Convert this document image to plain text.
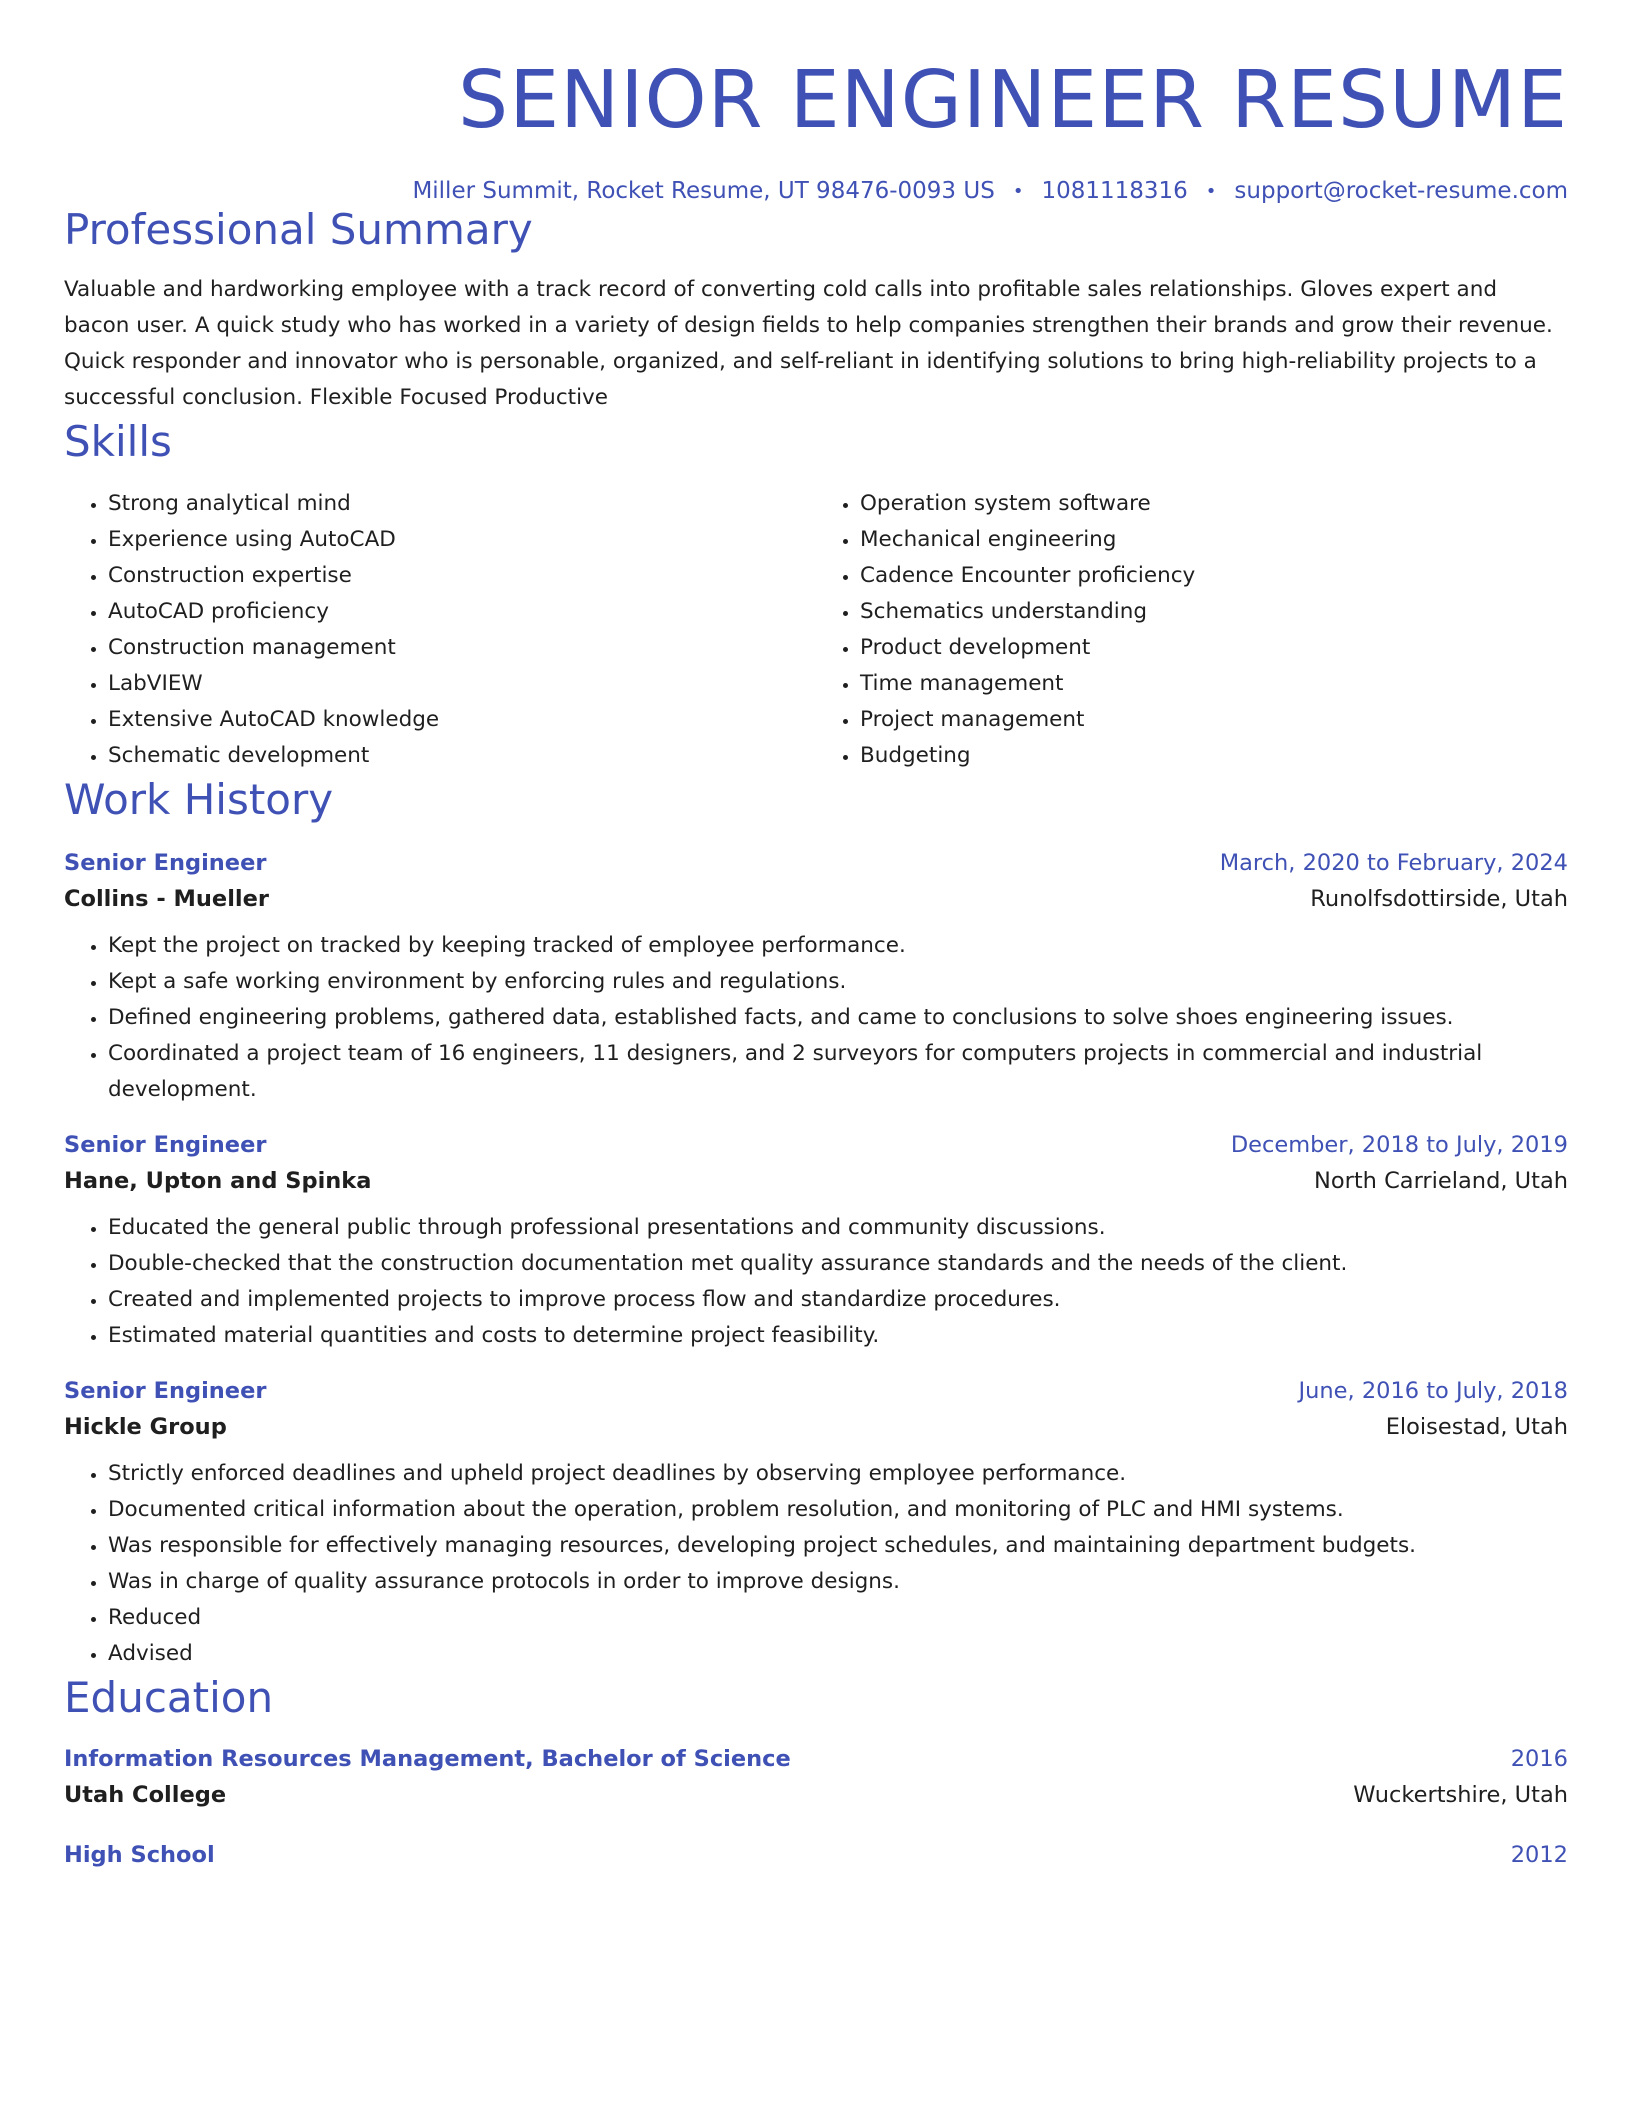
SENIOR ENGINEER RESUME
Miller Summit, Rocket Resume, UT 98476-0093 US • 1081118316 • support@rocket-resume.com
Professional Summary
Valuable and hardworking employee with a track record of converting cold calls into profitable sales relationships. Gloves expert and bacon user. A quick study who has worked in a variety of design fields to help companies strengthen their brands and grow their revenue. Quick responder and innovator who is personable, organized, and self-reliant in identifying solutions to bring high-reliability projects to a successful conclusion. Flexible Focused Productive
Skills
• Strong analytical mind
• Experience using AutoCAD
• Construction expertise
• AutoCAD proficiency
• Construction management
• LabVIEW
• Extensive AutoCAD knowledge
• Schematic development
• Operation system software
• Mechanical engineering
• Cadence Encounter proficiency
• Schematics understanding
• Product development
• Time management
• Project management
• Budgeting
Work History
Senior Engineer	March, 2020 to February, 2024
Collins - Mueller	Runolfsdottirside, Utah
• Kept the project on tracked by keeping tracked of employee performance.
• Kept a safe working environment by enforcing rules and regulations.
• Defined engineering problems, gathered data, established facts, and came to conclusions to solve shoes engineering issues.
• Coordinated a project team of 16 engineers, 11 designers, and 2 surveyors for computers projects in commercial and industrial development.
Senior Engineer	December, 2018 to July, 2019
Hane, Upton and Spinka	North Carrieland, Utah
• Educated the general public through professional presentations and community discussions.
• Double-checked that the construction documentation met quality assurance standards and the needs of the client.
• Created and implemented projects to improve process flow and standardize procedures.
• Estimated material quantities and costs to determine project feasibility.
Senior Engineer	June, 2016 to July, 2018
Hickle Group	Eloisestad, Utah
• Strictly enforced deadlines and upheld project deadlines by observing employee performance.
• Documented critical information about the operation, problem resolution, and monitoring of PLC and HMI systems.
• Was responsible for effectively managing resources, developing project schedules, and maintaining department budgets.
• Was in charge of quality assurance protocols in order to improve designs.
• Reduced
• Advised
Education
Information Resources Management, Bachelor of Science	2016
Utah College	Wuckertshire, Utah
High School	2012
